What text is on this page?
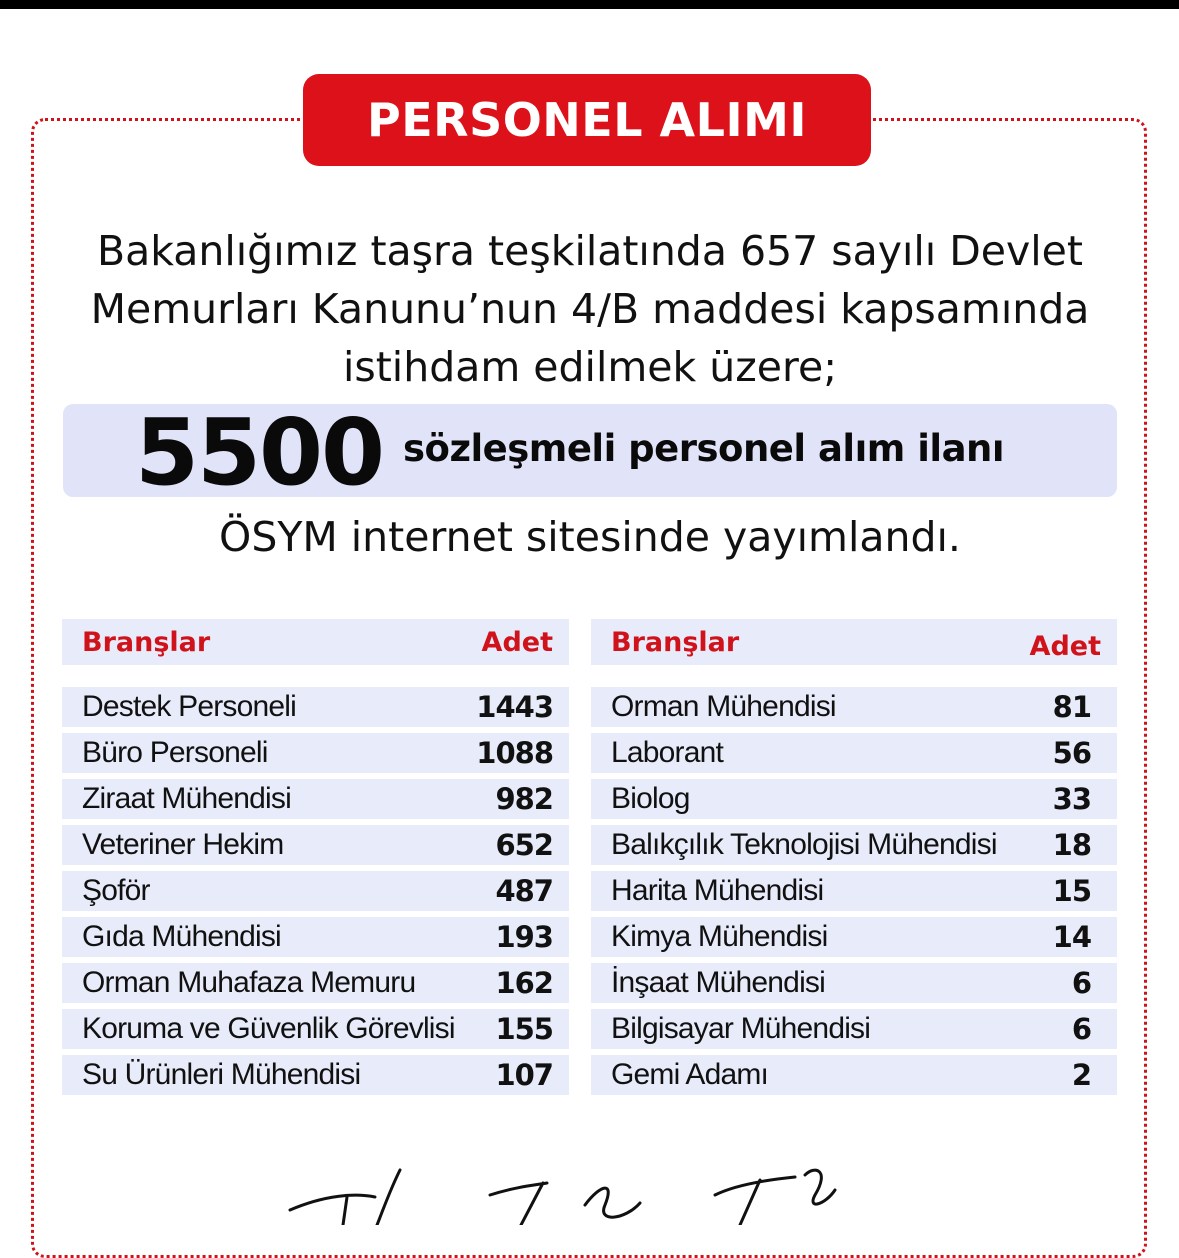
PERSONEL ALIMI
Bakanlığımız taşra teşkilatında 657 sayılı Devlet
Memurları Kanunu’nun 4/B maddesi kapsamında
istihdam edilmek üzere;
5500 sözleşmeli personel alım ilanı
ÖSYM internet sitesinde yayımlandı.
Branşlar	Adet
Destek Personeli	1443
Büro Personeli	1088
Ziraat Mühendisi	982
Veteriner Hekim	652
Şoför	487
Gıda Mühendisi	193
Orman Muhafaza Memuru	162
Koruma ve Güvenlik Görevlisi 155
Su Ürünleri Mühendisi	107
Branşlar	Adet
Orman Mühendisi	81
Laborant	56
Biolog	33
Balıkçılık Teknolojisi Mühendisi 18
Harita Mühendisi	15
Kimya Mühendisi	14
İnşaat Mühendisi	6
Bilgisayar Mühendisi	6
Gemi Adamı	2
